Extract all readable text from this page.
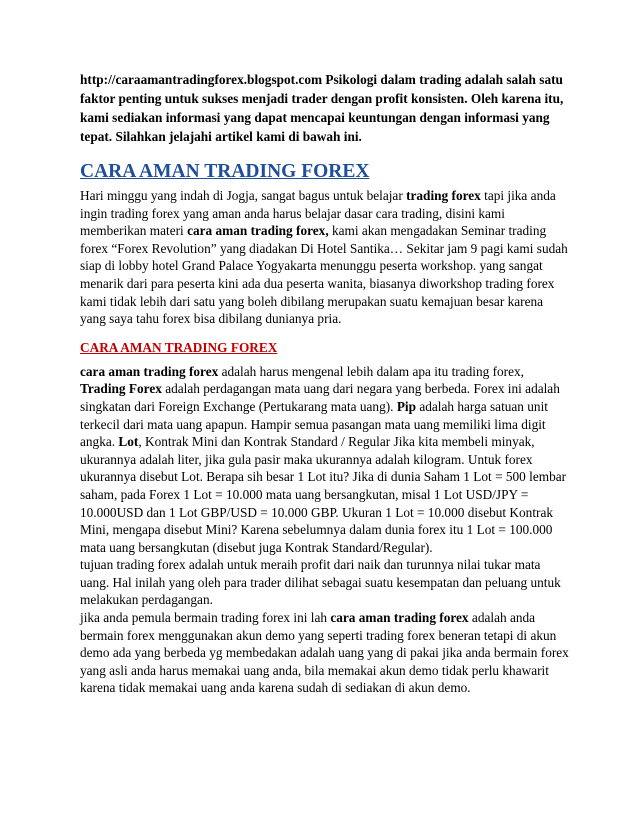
http://caraamantradingforex.blogspot.com Psikologi dalam trading adalah salah satu faktor penting untuk sukses menjadi trader dengan profit konsisten. Oleh karena itu, kami sediakan informasi yang dapat mencapai keuntungan dengan informasi yang tepat. Silahkan jelajahi artikel kami di bawah ini.

CARA AMAN TRADING FOREX

Hari minggu yang indah di Jogja, sangat bagus untuk belajar trading forex tapi jika anda ingin trading forex yang aman anda harus belajar dasar cara trading, disini kami memberikan materi cara aman trading forex, kami akan mengadakan Seminar trading forex “Forex Revolution” yang diadakan Di Hotel Santika… Sekitar jam 9 pagi kami sudah siap di lobby hotel Grand Palace Yogyakarta menunggu peserta workshop. yang sangat menarik dari para peserta kini ada dua peserta wanita, biasanya diworkshop trading forex kami tidak lebih dari satu yang boleh dibilang merupakan suatu kemajuan besar karena yang saya tahu forex bisa dibilang dunianya pria.

CARA AMAN TRADING FOREX

cara aman trading forex adalah harus mengenal lebih dalam apa itu trading forex, Trading Forex adalah perdagangan mata uang dari negara yang berbeda. Forex ini adalah singkatan dari Foreign Exchange (Pertukarang mata uang). Pip adalah harga satuan unit terkecil dari mata uang apapun. Hampir semua pasangan mata uang memiliki lima digit angka. Lot, Kontrak Mini dan Kontrak Standard / Regular Jika kita membeli minyak, ukurannya adalah liter, jika gula pasir maka ukurannya adalah kilogram. Untuk forex ukurannya disebut Lot. Berapa sih besar 1 Lot itu? Jika di dunia Saham 1 Lot = 500 lembar saham, pada Forex 1 Lot = 10.000 mata uang bersangkutan, misal 1 Lot USD/JPY = 10.000USD dan 1 Lot GBP/USD = 10.000 GBP. Ukuran 1 Lot = 10.000 disebut Kontrak Mini, mengapa disebut Mini? Karena sebelumnya dalam dunia forex itu 1 Lot = 100.000 mata uang bersangkutan (disebut juga Kontrak Standard/Regular).

tujuan trading forex adalah untuk meraih profit dari naik dan turunnya nilai tukar mata uang. Hal inilah yang oleh para trader dilihat sebagai suatu kesempatan dan peluang untuk melakukan perdagangan.

jika anda pemula bermain trading forex ini lah cara aman trading forex adalah anda bermain forex menggunakan akun demo yang seperti trading forex beneran tetapi di akun demo ada yang berbeda yg membedakan adalah uang yang di pakai jika anda bermain forex yang asli anda harus memakai uang anda, bila memakai akun demo tidak perlu khawarit karena tidak memakai uang anda karena sudah di sediakan di akun demo.
